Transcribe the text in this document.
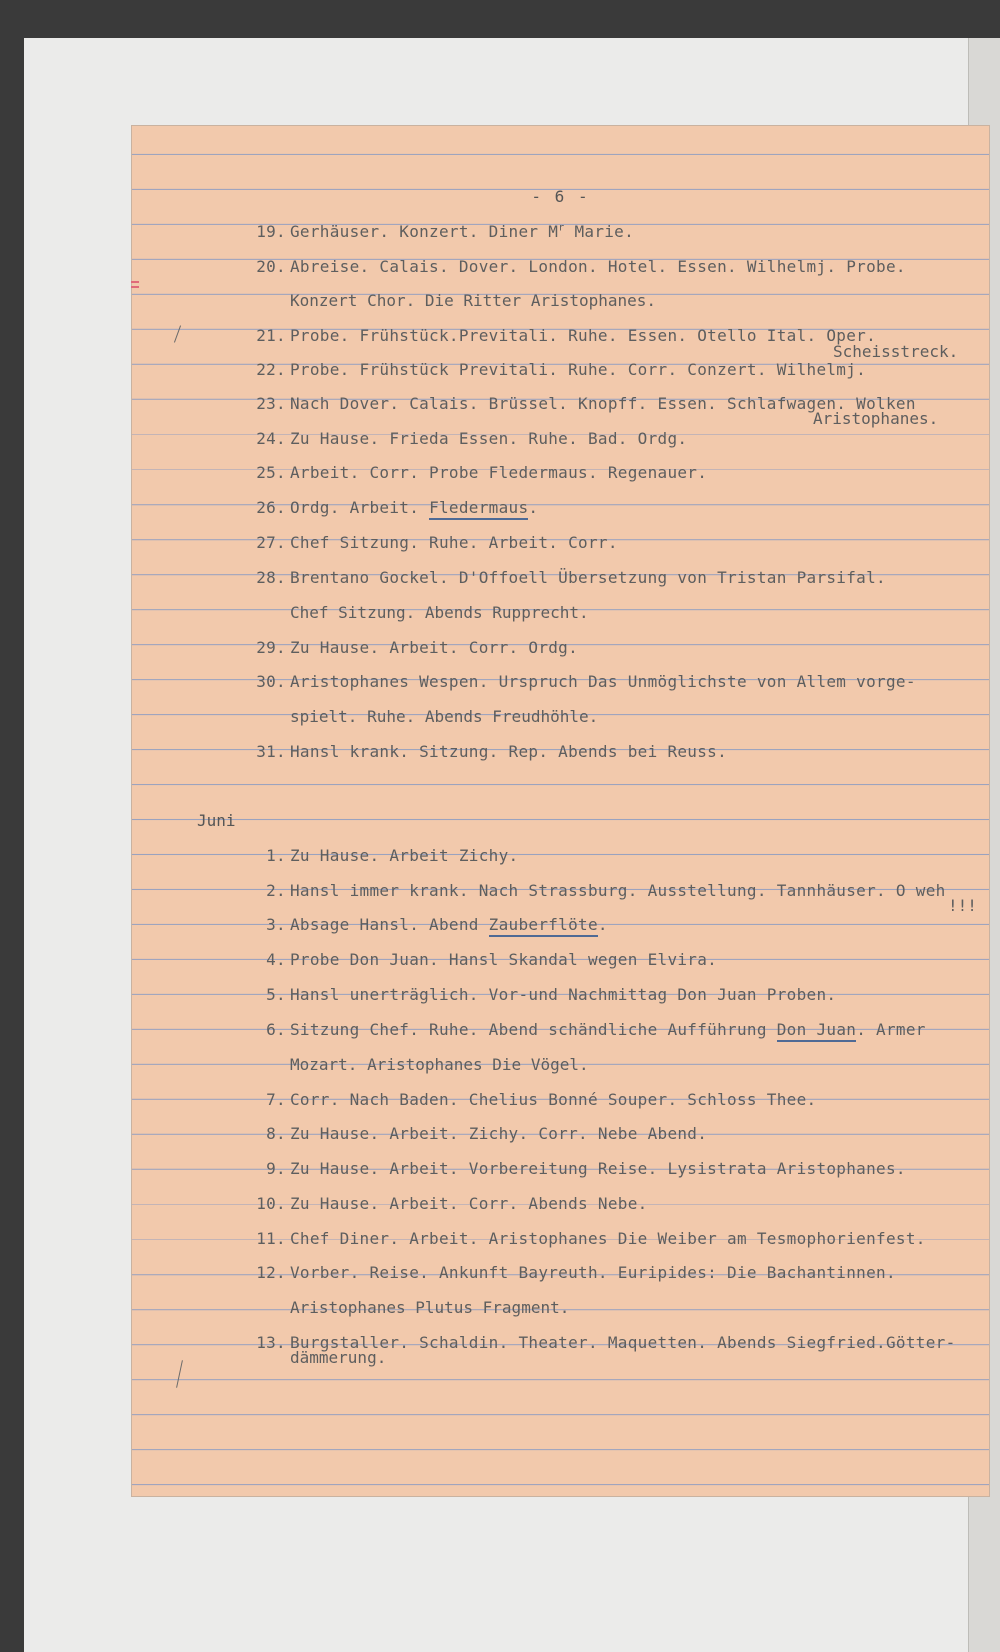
- 6 -
19. Gerhäuser. Konzert. Diner $M^r$ Marie.
20. Abreise. Calais. Dover. London. Hotel. Essen. Wilhelmj. Probe.
Konzert Chor. Die Ritter Aristophanes.
21. Probe. Frühstück.Previtali. Ruhe. Essen. Otello Ital. Oper.
Scheisstreck.
22. Probe. Frühstück Previtali. Ruhe. Corr. Conzert. Wilhelmj.
23. Nach Dover. Calais. Brüssel. Knopff. Essen. Schlafwagen. Wolken
Aristophanes.
24. Zu Hause. Frieda Essen. Ruhe. Bad. Ordg.
25. Arbeit. Corr. Probe Fledermaus. Regenauer.
26. Ordg. Arbeit. Fledermaus.
27. Chef Sitzung. Ruhe. Arbeit. Corr.
28. Brentano Gockel. D'Offoell Übersetzung von Tristan Parsifal.
Chef Sitzung. Abends Rupprecht.
29. Zu Hause. Arbeit. Corr. Ordg.
30. Aristophanes Wespen. Urspruch Das Unmöglichste von Allem vorge-
spielt. Ruhe. Abends Freudhöhle.
31. Hansl krank. Sitzung. Rep. Abends bei Reuss.
Juni
1. Zu Hause. Arbeit Zichy.
2. Hansl immer krank. Nach Strassburg. Ausstellung. Tannhäuser. O weh
!!!
3. Absage Hansl. Abend Zauberflöte.
4. Probe Don Juan. Hansl Skandal wegen Elvira.
5. Hansl unerträglich. Vor-und Nachmittag Don Juan Proben.
6. Sitzung Chef. Ruhe. Abend schändliche Aufführung Don Juan. Armer
Mozart. Aristophanes Die Vögel.
7. Corr. Nach Baden. Chelius Bonné Souper. Schloss Thee.
8. Zu Hause. Arbeit. Zichy. Corr. Nebe Abend.
9. Zu Hause. Arbeit. Vorbereitung Reise. Lysistrata Aristophanes.
10. Zu Hause. Arbeit. Corr. Abends Nebe.
11. Chef Diner. Arbeit. Aristophanes Die Weiber am Tesmophorienfest.
12. Vorber. Reise. Ankunft Bayreuth. Euripides: Die Bachantinnen.
Aristophanes Plutus Fragment.
13. Burgstaller. Schaldin. Theater. Maquetten. Abends Siegfried.Götter-
dämmerung.
